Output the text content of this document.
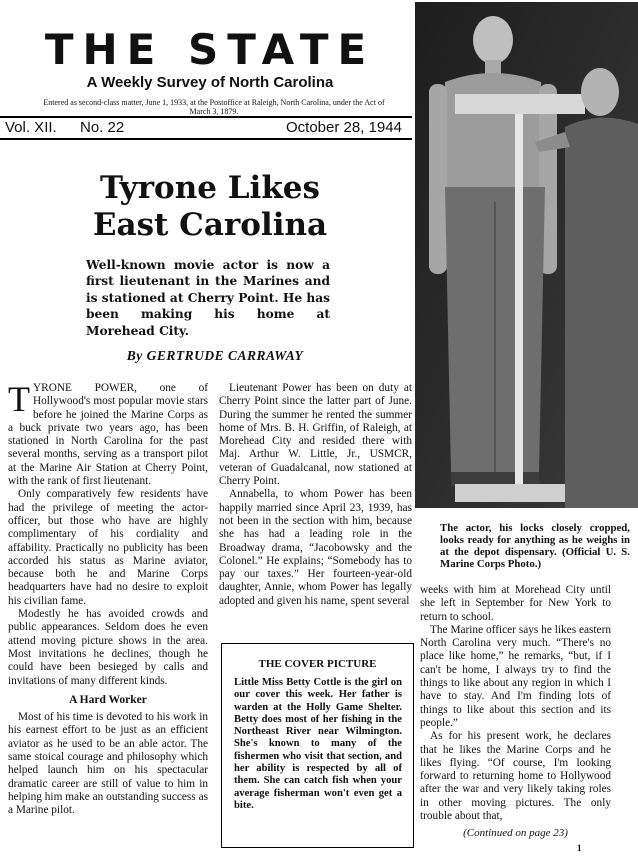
THE STATE
A Weekly Survey of North Carolina
Entered as second-class matter, June 1, 1933, at the Postoffice at Raleigh, North Carolina, under the Act of March 3, 1879.
Vol. XII. No. 22	October 28, 1944
Tyrone Likes
East Carolina
Well-known movie actor is now a first lieutenant in the Marines and is stationed at Cherry Point. He has been making his home at Morehead City.
By GERTRUDE CARRAWAY

TYRONE POWER, one of Hollywood's most popular movie stars before he joined the Marine Corps as a buck private two years ago, has been stationed in North Carolina for the past several months, serving as a transport pilot at the Marine Air Station at Cherry Point, with the rank of first lieutenant.

Only comparatively few residents have had the privilege of meeting the actor-officer, but those who have are highly complimentary of his cordiality and affability. Practically no publicity has been accorded his status as Marine aviator, because both he and Marine Corps headquarters have had no desire to exploit his civilian fame.

Modestly he has avoided crowds and public appearances. Seldom does he even attend moving picture shows in the area. Most invitations he declines, though he could have been besieged by calls and invitations of many different kinds.

A Hard Worker

Most of his time is devoted to his work in his earnest effort to be just as an efficient aviator as he used to be an able actor. The same stoical courage and philosophy which helped launch him on his spectacular dramatic career are still of value to him in helping him make an outstanding success as a Marine pilot.

Lieutenant Power has been on duty at Cherry Point since the latter part of June. During the summer he rented the summer home of Mrs. B. H. Griffin, of Raleigh, at Morehead City and resided there with Maj. Arthur W. Little, Jr., USMCR, veteran of Guadalcanal, now stationed at Cherry Point.

Annabella, to whom Power has been happily married since April 23, 1939, has not been in the section with him, because she has had a leading role in the Broadway drama, “Jacobowsky and the Colonel.” He explains; “Somebody has to pay our taxes.” Her fourteen-year-old daughter, Annie, whom Power has legally adopted and given his name, spent several

The actor, his locks closely cropped, looks ready for anything as he weighs in at the depot dispensary. (Official U. S. Marine Corps Photo.)

weeks with him at Morehead City until she left in September for New York to return to school.

The Marine officer says he likes eastern North Carolina very much. “There's no place like home,” he remarks, “but, if I can't be home, I always try to find the things to like about any region in which I have to stay. And I'm finding lots of things to like about this section and its people.”

As for his present work, he declares that he likes the Marine Corps and he likes flying. “Of course, I'm looking forward to returning home to Hollywood after the war and very likely taking roles in other moving pictures. The only trouble about that,

(Continued on page 23)
THE COVER PICTURE
Little Miss Betty Cottle is the girl on our cover this week. Her father is warden at the Holly Game Shelter. Betty does most of her fishing in the Northeast River near Wilmington. She's known to many of the fishermen who visit that section, and her ability is respected by all of them. She can catch fish when your average fisherman won't even get a bite.
1
